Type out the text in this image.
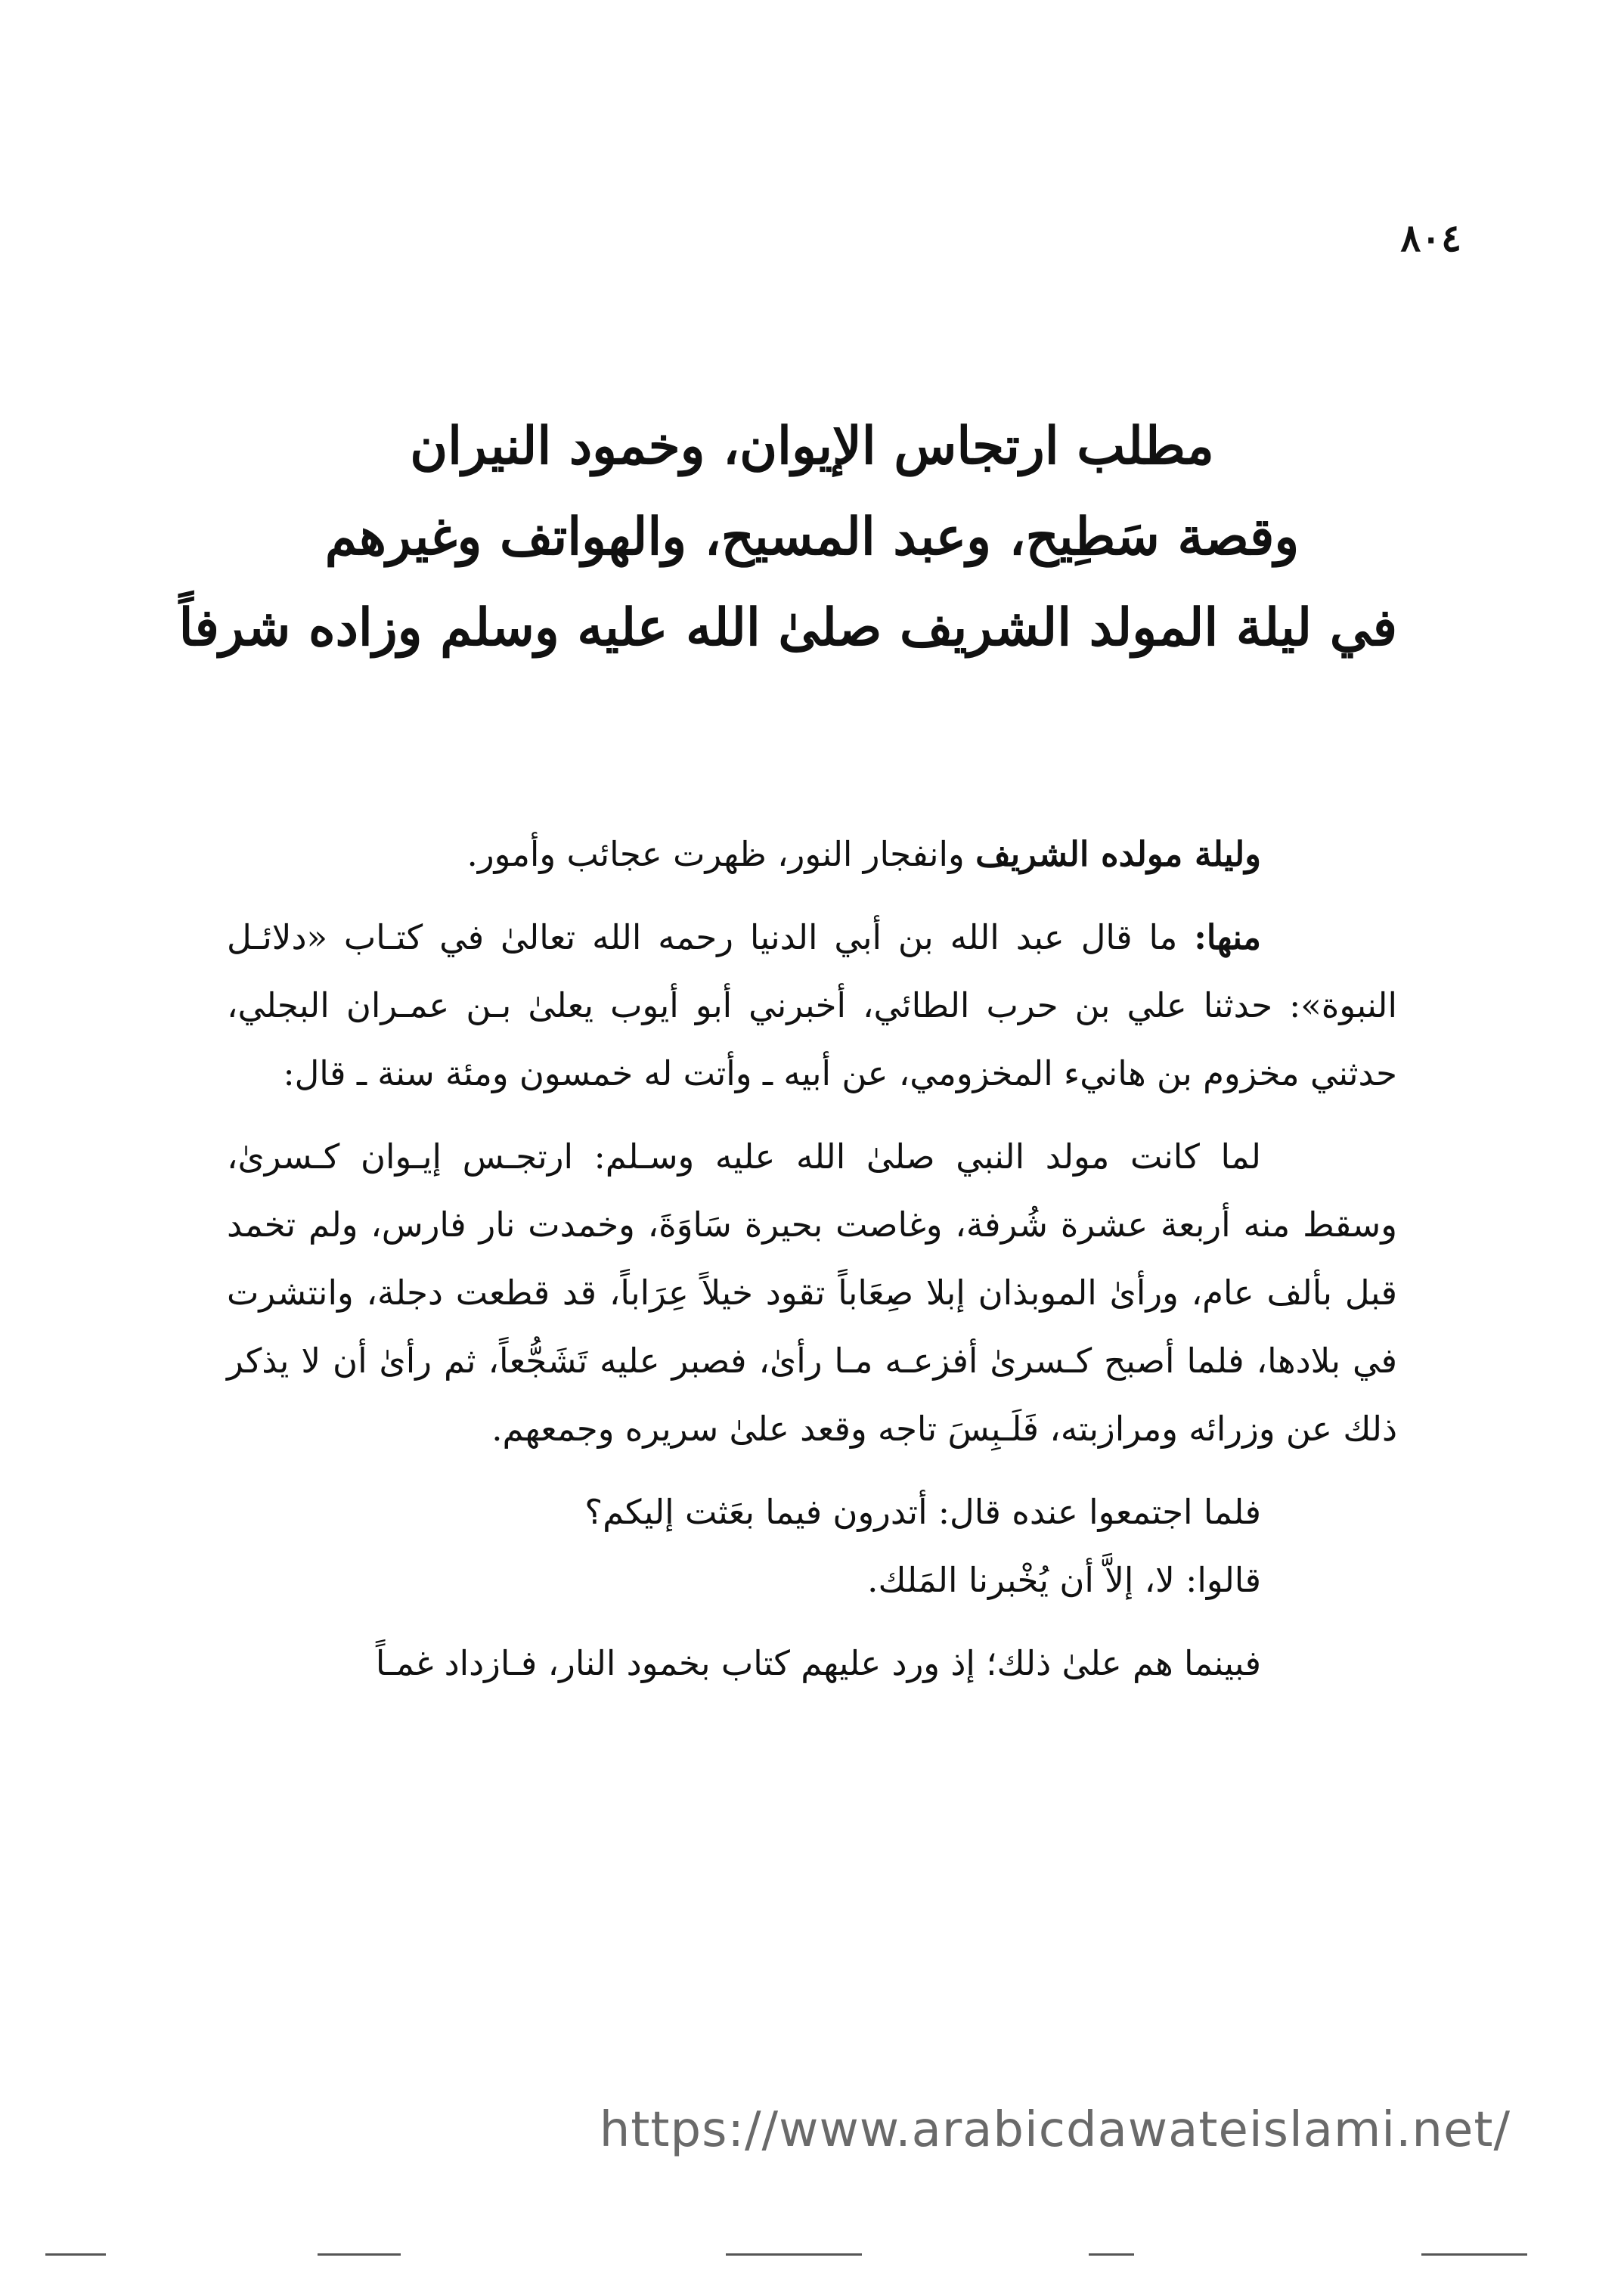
٨٠٤
مطلب ارتجاس الإيوان، وخمود النيران
وقصة سَطِيح، وعبد المسيح، والهواتف وغيرهم
في ليلة المولد الشريف صلىٰ الله عليه وسلم وزاده شرفاً

وليلة مولده الشريف وانفجار النور، ظهرت عجائب وأمور.

منها: ما قال عبد الله بن أبي الدنيا رحمه الله تعالىٰ في كتـاب «دلائـل النبوة»: حدثنا علي بن حرب الطائي، أخبرني أبو أيوب يعلىٰ بـن عمـران البجلي، حدثني مخزوم بن هانيء المخزومي، عن أبيه ـ وأتت له خمسون ومئة سنة ـ قال:

لما كانت مولد النبي صلىٰ الله عليه وسـلم: ارتجـس إيـوان كـسرىٰ، وسقط منه أربعة عشرة شُرفة، وغاصت بحيرة سَاوَةَ، وخمدت نار فارس، ولم تخمد قبل بألف عام، ورأىٰ الموبذان إبلا صِعَاباً تقود خيلاً عِرَاباً، قد قطعت دجلة، وانتشرت في بلادها، فلما أصبح كـسرىٰ أفزعـه مـا رأىٰ، فصبر عليه تَشَجُّعاً، ثم رأىٰ أن لا يذكر ذلك عن وزرائه ومرازبته، فَلَـبِسَ تاجه وقعد علىٰ سريره وجمعهم.

فلما اجتمعوا عنده قال: أتدرون فيما بعَثت إليكم؟

قالوا: لا، إلاَّ أن يُخْبرنا المَلك.

فبينما هم علىٰ ذلك؛ إذ ورد عليهم كتاب بخمود النار، فـازداد غمـاً

https://www.arabicdawateislami.net/
